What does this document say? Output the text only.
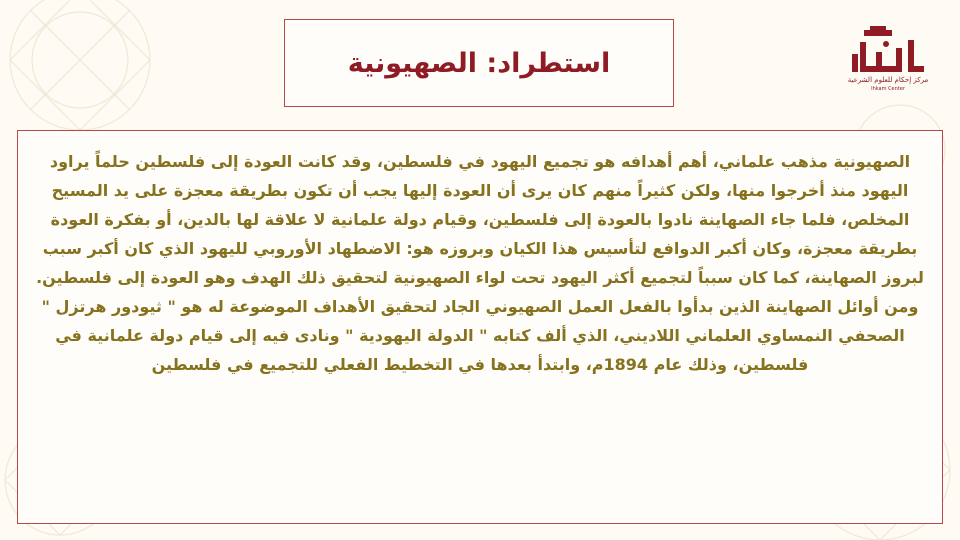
استطراد: الصهيونية
مركز إحكام للعلوم الشرعية
Ihkam Center

الصهيونية مذهب علماني، أهم أهدافه هو تجميع اليهود في فلسطين، وقد كانت العودة إلى فلسطين حلماً يراود اليهود منذ أخرجوا منها، ولكن كثيراً منهم كان يرى أن العودة إليها يجب أن تكون بطريقة معجزة على يد المسيح المخلص، فلما جاء الصهاينة نادوا بالعودة إلى فلسطين، وقيام دولة علمانية لا علاقة لها بالدين، أو بفكرة العودة بطريقة معجزة، وكان أكبر الدوافع لتأسيس هذا الكيان وبروزه هو: الاضطهاد الأوروبي لليهود الذي كان أكبر سبب لبروز الصهاينة، كما كان سبباً لتجميع أكثر اليهود تحت لواء الصهيونية لتحقيق ذلك الهدف وهو العودة إلى فلسطين.

ومن أوائل الصهاينة الذين بدأوا بالفعل العمل الصهيوني الجاد لتحقيق الأهداف الموضوعة له هو " ثيودور هرتزل " الصحفي النمساوي العلماني اللاديني، الذي ألف كتابه " الدولة اليهودية " ونادى فيه إلى قيام دولة علمانية في فلسطين، وذلك عام 1894م، وابتدأ بعدها في التخطيط الفعلي للتجميع في فلسطين
